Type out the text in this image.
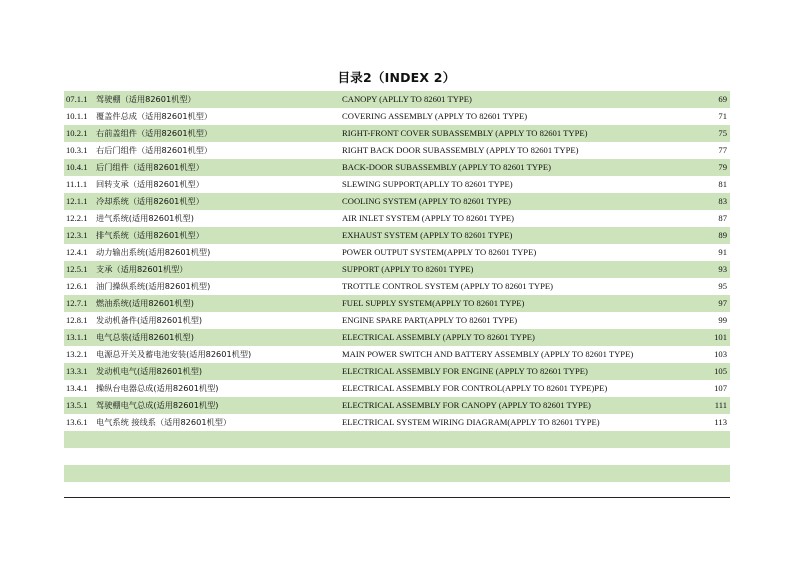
目录2（INDEX 2）
07.1.1 驾驶棚（适用82601机型）	CANOPY (APLLY TO 82601 TYPE)	69
10.1.1 覆盖件总成（适用82601机型）	COVERING ASSEMBLY (APPLY TO 82601 TYPE)	71
10.2.1 右前盖组件（适用82601机型）	RIGHT-FRONT COVER SUBASSEMBLY (APPLY TO 82601 TYPE)	75
10.3.1 右后门组件（适用82601机型）	RIGHT BACK DOOR SUBASSEMBLY (APPLY TO 82601 TYPE)	77
10.4.1 后门组件（适用82601机型）	BACK-DOOR SUBASSEMBLY (APPLY TO 82601 TYPE)	79
11.1.1 回转支承（适用82601机型）	SLEWING SUPPORT(APLLY TO 82601 TYPE)	81
12.1.1 冷却系统（适用82601机型）	COOLING SYSTEM (APPLY TO 82601 TYPE)	83
12.2.1 进气系统(适用82601机型)	AIR INLET SYSTEM (APPLY TO 82601 TYPE)	87
12.3.1 排气系统（适用82601机型）	EXHAUST SYSTEM (APPLY TO 82601 TYPE)	89
12.4.1 动力输出系统(适用82601机型)	POWER OUTPUT SYSTEM(APPLY TO 82601 TYPE)	91
12.5.1 支承（适用82601机型）	SUPPORT (APPLY TO 82601 TYPE)	93
12.6.1 油门操纵系统(适用82601机型)	TROTTLE CONTROL SYSTEM (APPLY TO 82601 TYPE)	95
12.7.1 燃油系统(适用82601机型)	FUEL SUPPLY SYSTEM(APPLY TO 82601 TYPE)	97
12.8.1 发动机备件(适用82601机型)	ENGINE SPARE PART(APPLY TO 82601 TYPE)	99
13.1.1 电气总装(适用82601机型)	ELECTRICAL ASSEMBLY (APPLY TO 82601 TYPE)	101
13.2.1 电源总开关及蓄电池安装(适用82601机型)	MAIN POWER SWITCH AND BATTERY ASSEMBLY (APPLY TO 82601 TYPE)	103
13.3.1 发动机电气(适用82601机型)	ELECTRICAL ASSEMBLY FOR ENGINE (APPLY TO 82601 TYPE)	105
13.4.1 操纵台电器总成(适用82601机型)	ELECTRICAL ASSEMBLY FOR CONTROL(APPLY TO 82601 TYPE)PE)	107
13.5.1 驾驶棚电气总成(适用82601机型)	ELECTRICAL ASSEMBLY FOR CANOPY (APPLY TO 82601 TYPE)	111
13.6.1 电气系统 接线系（适用82601机型）	ELECTRICAL SYSTEM WIRING DIAGRAM(APPLY TO 82601 TYPE)	113
